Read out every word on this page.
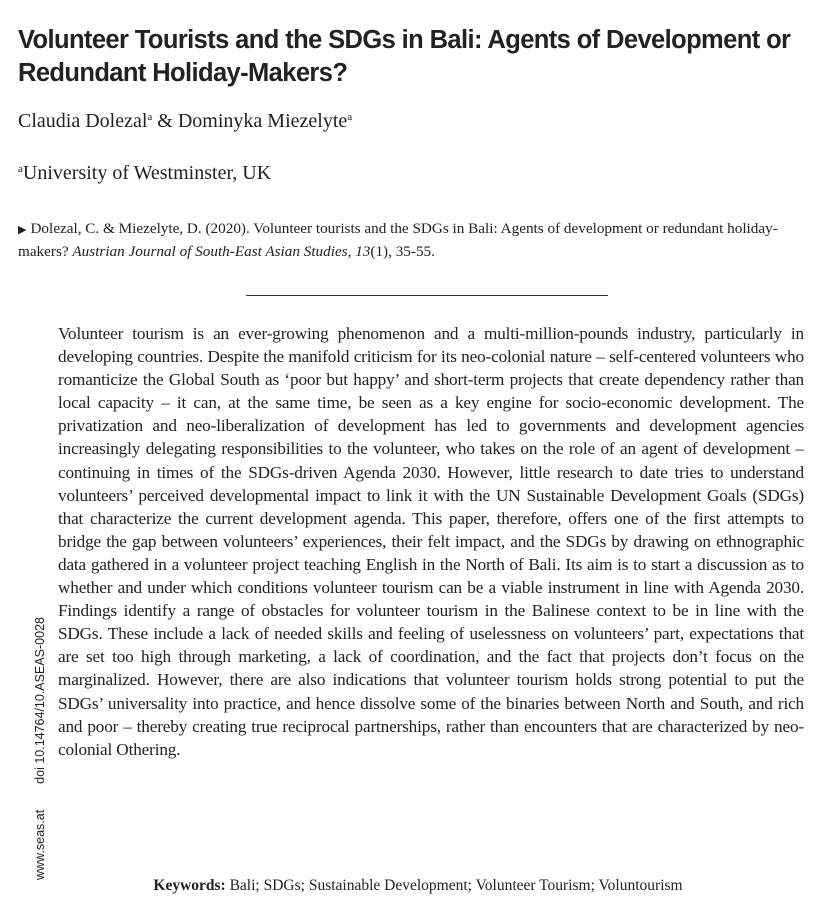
Volunteer Tourists and the SDGs in Bali: Agents of Development or Redundant Holiday-Makers?
Claudia Dolezal$^a$ & Dominyka Miezelyte$^a$
$^a$University of Westminster, UK
▶ Dolezal, C. & Miezelyte, D. (2020). Volunteer tourists and the SDGs in Bali: Agents of development or redundant holiday-makers? Austrian Journal of South-East Asian Studies, 13(1), 35-55.

Volunteer tourism is an ever-growing phenomenon and a multi-million-pounds industry, particularly in developing countries. Despite the manifold criticism for its neo-colonial nature – self-centered volunteers who romanticize the Global South as ‘poor but happy’ and short-term projects that create dependency rather than local capacity – it can, at the same time, be seen as a key engine for socio-economic development. The privatization and neo-liberalization of development has led to governments and development agencies increasingly delegating responsibilities to the volunteer, who takes on the role of an agent of development – continuing in times of the SDGs-driven Agenda 2030. However, little research to date tries to understand volunteers’ perceived developmental impact to link it with the UN Sustainable Development Goals (SDGs) that characterize the current development agenda. This paper, therefore, offers one of the first attempts to bridge the gap between volunteers’ experiences, their felt impact, and the SDGs by drawing on ethnographic data gathered in a volunteer project teaching English in the North of Bali. Its aim is to start a discussion as to whether and under which conditions volunteer tourism can be a viable instrument in line with Agenda 2030. Findings identify a range of obstacles for volunteer tourism in the Balinese context to be in line with the SDGs. These include a lack of needed skills and feeling of uselessness on volunteers’ part, expectations that are set too high through marketing, a lack of coordination, and the fact that projects don’t focus on the marginalized. However, there are also indications that volunteer tourism holds strong potential to put the SDGs’ universality into practice, and hence dissolve some of the binaries between North and South, and rich and poor – thereby creating true reciprocal partnerships, rather than encounters that are characterized by neo-colonial Othering.

Keywords: Bali; SDGs; Sustainable Development; Volunteer Tourism; Voluntourism
www.seas.atdoi 10.14764/10.ASEAS-0028
